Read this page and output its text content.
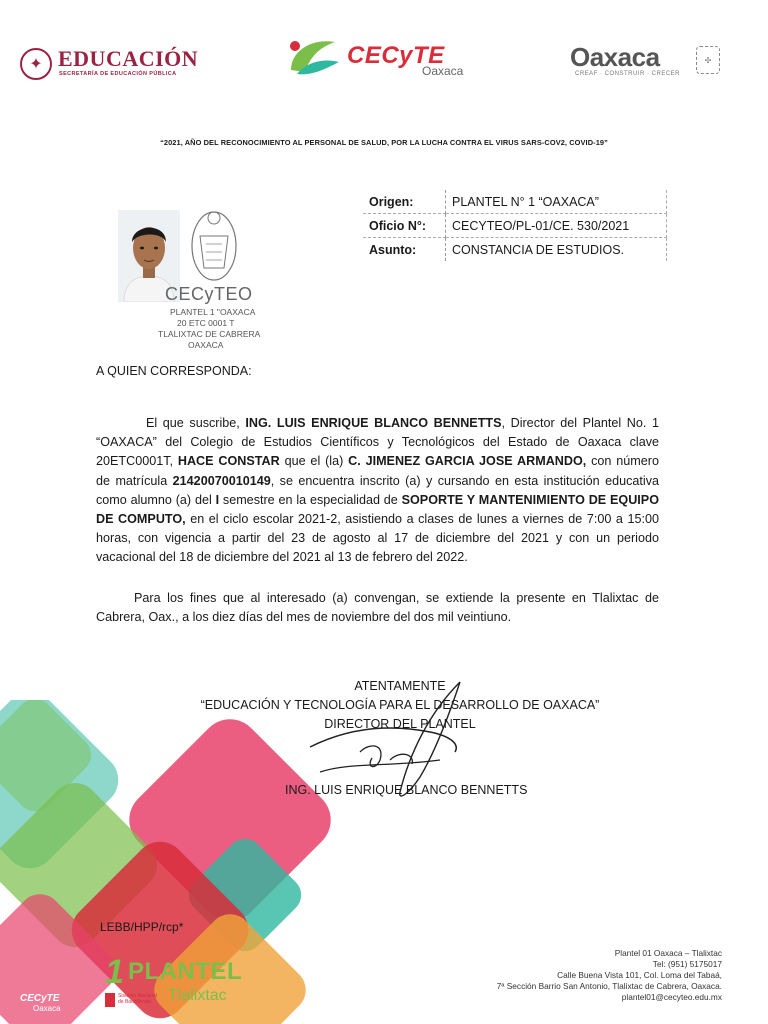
✦ EDUCACIÓN
SECRETARÍA DE EDUCACIÓN PÚBLICA
CECyTE
Oaxaca	Oaxaca
CREAF · CONSTRUIR · CRECER
✣
“2021, AÑO DEL RECONOCIMIENTO AL PERSONAL DE SALUD, POR LA LUCHA CONTRA EL VIRUS SARS-COV2, COVID-19”
CECyTEO
PLANTEL 1 "OAXACA
20 ETC 0001 T
TLALIXTAC DE CABRERA
OAXACA
Origen:	PLANTEL N° 1 “OAXACA”
Oficio N°:	CECYTEO/PL-01/CE. 530/2021
Asunto:	CONSTANCIA DE ESTUDIOS.
A QUIEN CORRESPONDA:
El que suscribe, ING. LUIS ENRIQUE BLANCO BENNETTS, Director del Plantel No. 1 “OAXACA” del Colegio de Estudios Científicos y Tecnológicos del Estado de Oaxaca clave 20ETC0001T, HACE CONSTAR que el (la) C. JIMENEZ GARCIA JOSE ARMANDO, con número de matrícula 21420070010149, se encuentra inscrito (a) y cursando en esta institución educativa como alumno (a) del I semestre en la especialidad de SOPORTE Y MANTENIMIENTO DE EQUIPO DE COMPUTO, en el ciclo escolar 2021-2, asistiendo a clases de lunes a viernes de 7:00 a 15:00 horas, con vigencia a partir del 23 de agosto al 17 de diciembre del 2021 y con un periodo vacacional del 18 de diciembre del 2021 al 13 de febrero del 2022.
Para los fines que al interesado (a) convengan, se extiende la presente en Tlalixtac de Cabrera, Oax., a los diez días del mes de noviembre del dos mil veintiuno.
ATENTAMENTE
“EDUCACIÓN Y TECNOLOGÍA PARA EL DESARROLLO DE OAXACA”
DIRECTOR DEL PLANTEL
ING. LUIS ENRIQUE BLANCO BENNETTS
LEBB/HPP/rcp*
Plantel 01 Oaxaca – Tlalixtac
Tel: (951) 5175017
Calle Buena Vista 101, Col. Loma del Tabaá,
7ª Sección Barrio San Antonio, Tlalixtac de Cabrera, Oaxaca.
plantel01@cecyteo.edu.mx
CECyTE
Oaxaca
1 PLANTEL
Tlalixtac
Sistema Nacional de Bachillerato
